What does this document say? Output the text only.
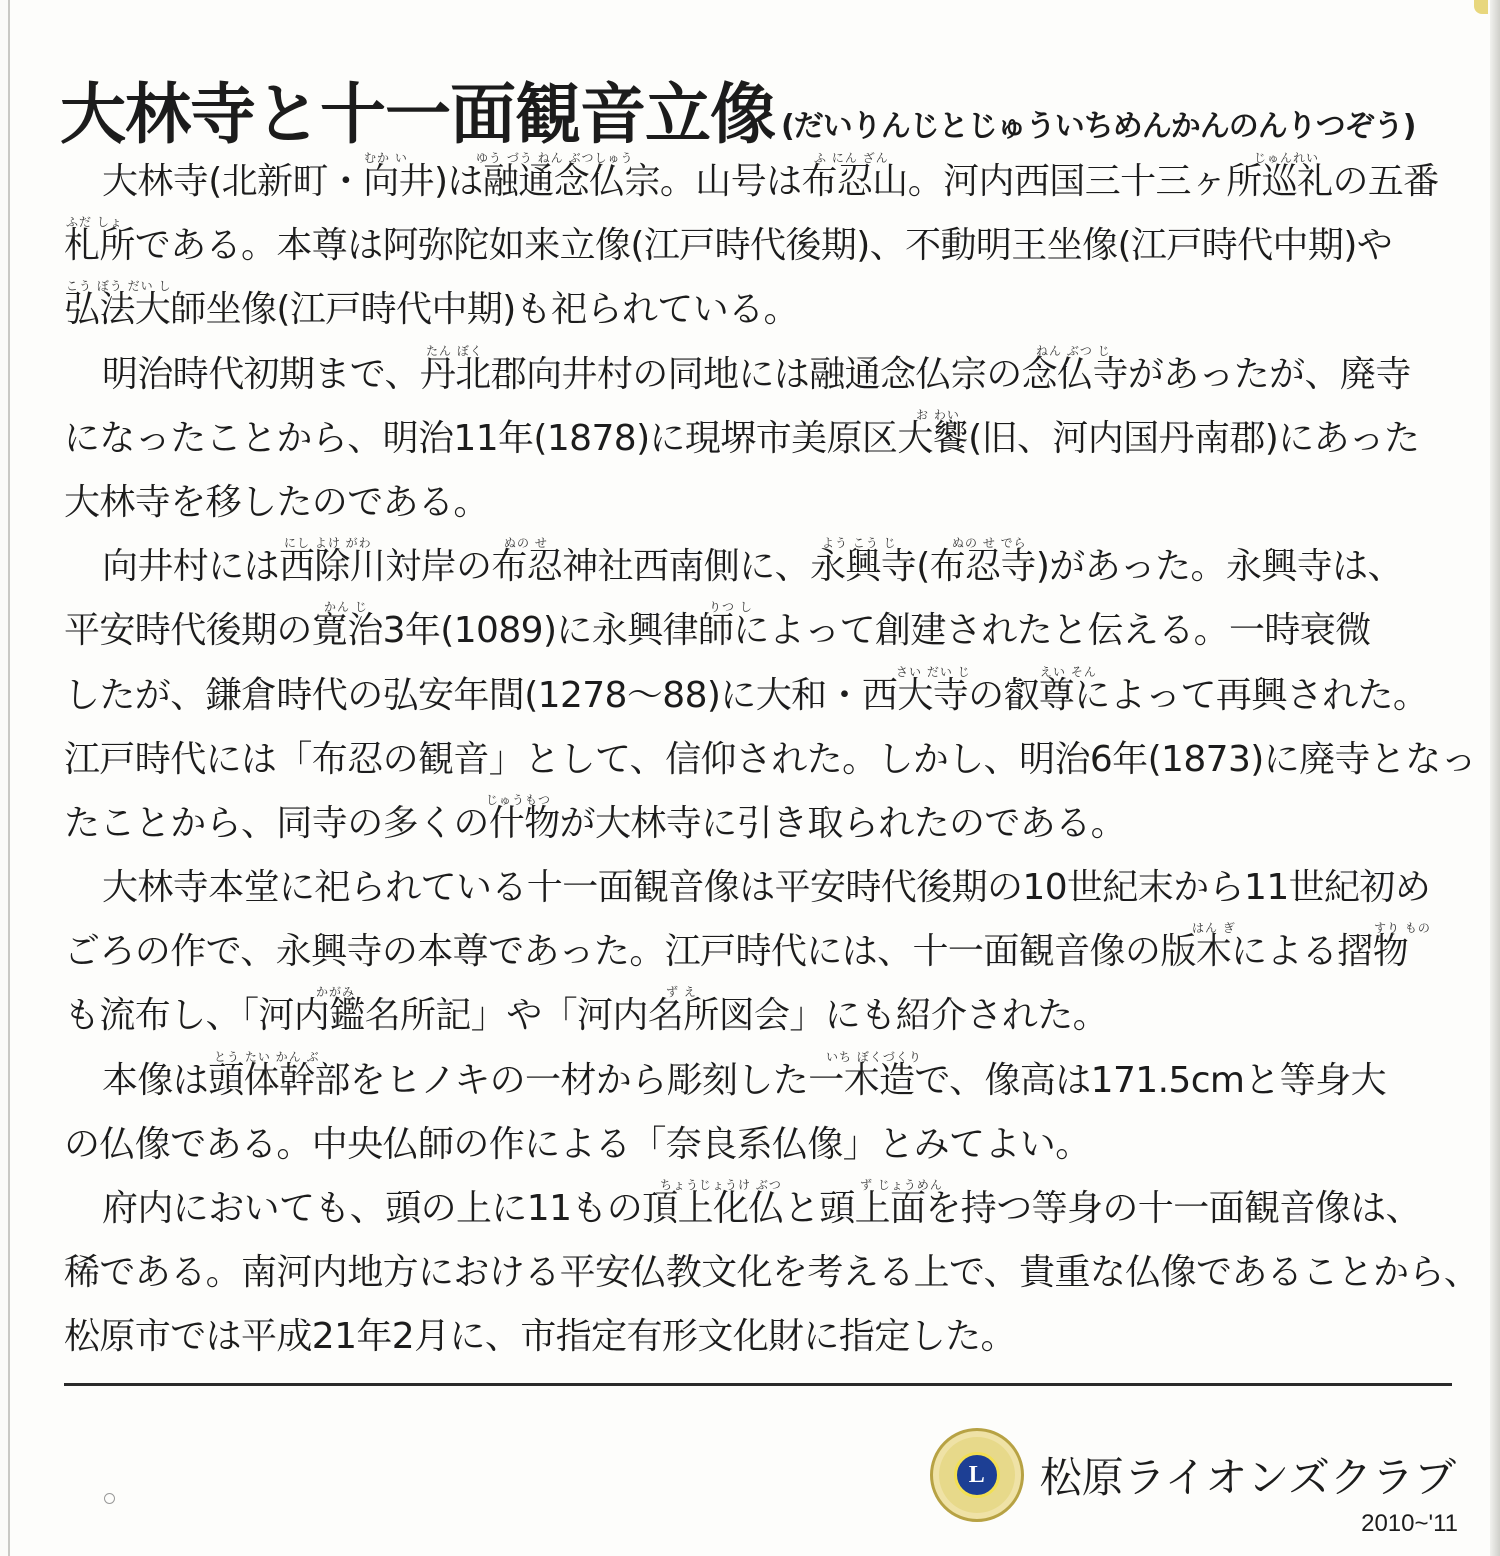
大林寺と十一面観音立像 (だいりんじとじゅういちめんかんのんりつぞう)
むか い	ゆう づう ねん ぶつしゅう	ふ にん ざん	じゅんれい
大林寺(北新町・向井)は融通念仏宗。山号は布忍山。河内西国三十三ヶ所巡礼の五番
ふだ しょ
札所である。本尊は阿弥陀如来立像(江戸時代後期)、不動明王坐像(江戸時代中期)や
こう ぼう だい し
弘法大師坐像(江戸時代中期)も祀られている。
たん ぼく	ねん ぶつ じ
明治時代初期まで、丹北郡向井村の同地には融通念仏宗の念仏寺があったが、廃寺
お わい
になったことから、明治11年(1878)に現堺市美原区大饗(旧、河内国丹南郡)にあった
大林寺を移したのである。
にし よけ がわ	ぬの せ	よう こう じ	ぬの せ でら
向井村には西除川対岸の布忍神社西南側に、永興寺(布忍寺)があった。永興寺は、
かん じ	りつ し
平安時代後期の寛治3年(1089)に永興律師によって創建されたと伝える。一時衰微
さい だい じ	えい そん
したが、鎌倉時代の弘安年間(1278〜88)に大和・西大寺の叡尊によって再興された。
江戸時代には「布忍の観音」として、信仰された。しかし、明治6年(1873)に廃寺となっ
じゅうもつ
たことから、同寺の多くの什物が大林寺に引き取られたのである。
大林寺本堂に祀られている十一面観音像は平安時代後期の10世紀末から11世紀初め
はん ぎ	すり もの
ごろの作で、永興寺の本尊であった。江戸時代には、十一面観音像の版木による摺物
かがみ	ず え
も流布し、「河内鑑名所記」や「河内名所図会」にも紹介された。
とう たい かん ぶ	いち ぼくづくり
本像は頭体幹部をヒノキの一材から彫刻した一木造で、像高は171.5cmと等身大
の仏像である。中央仏師の作による「奈良系仏像」とみてよい。
ちょうじょうけ ぶつ	ず じょうめん
府内においても、頭の上に11もの頂上化仏と頭上面を持つ等身の十一面観音像は、
稀である。南河内地方における平安仏教文化を考える上で、貴重な仏像であることから、
松原市では平成21年2月に、市指定有形文化財に指定した。
L	松原ライオンズクラブ
2010~'11
